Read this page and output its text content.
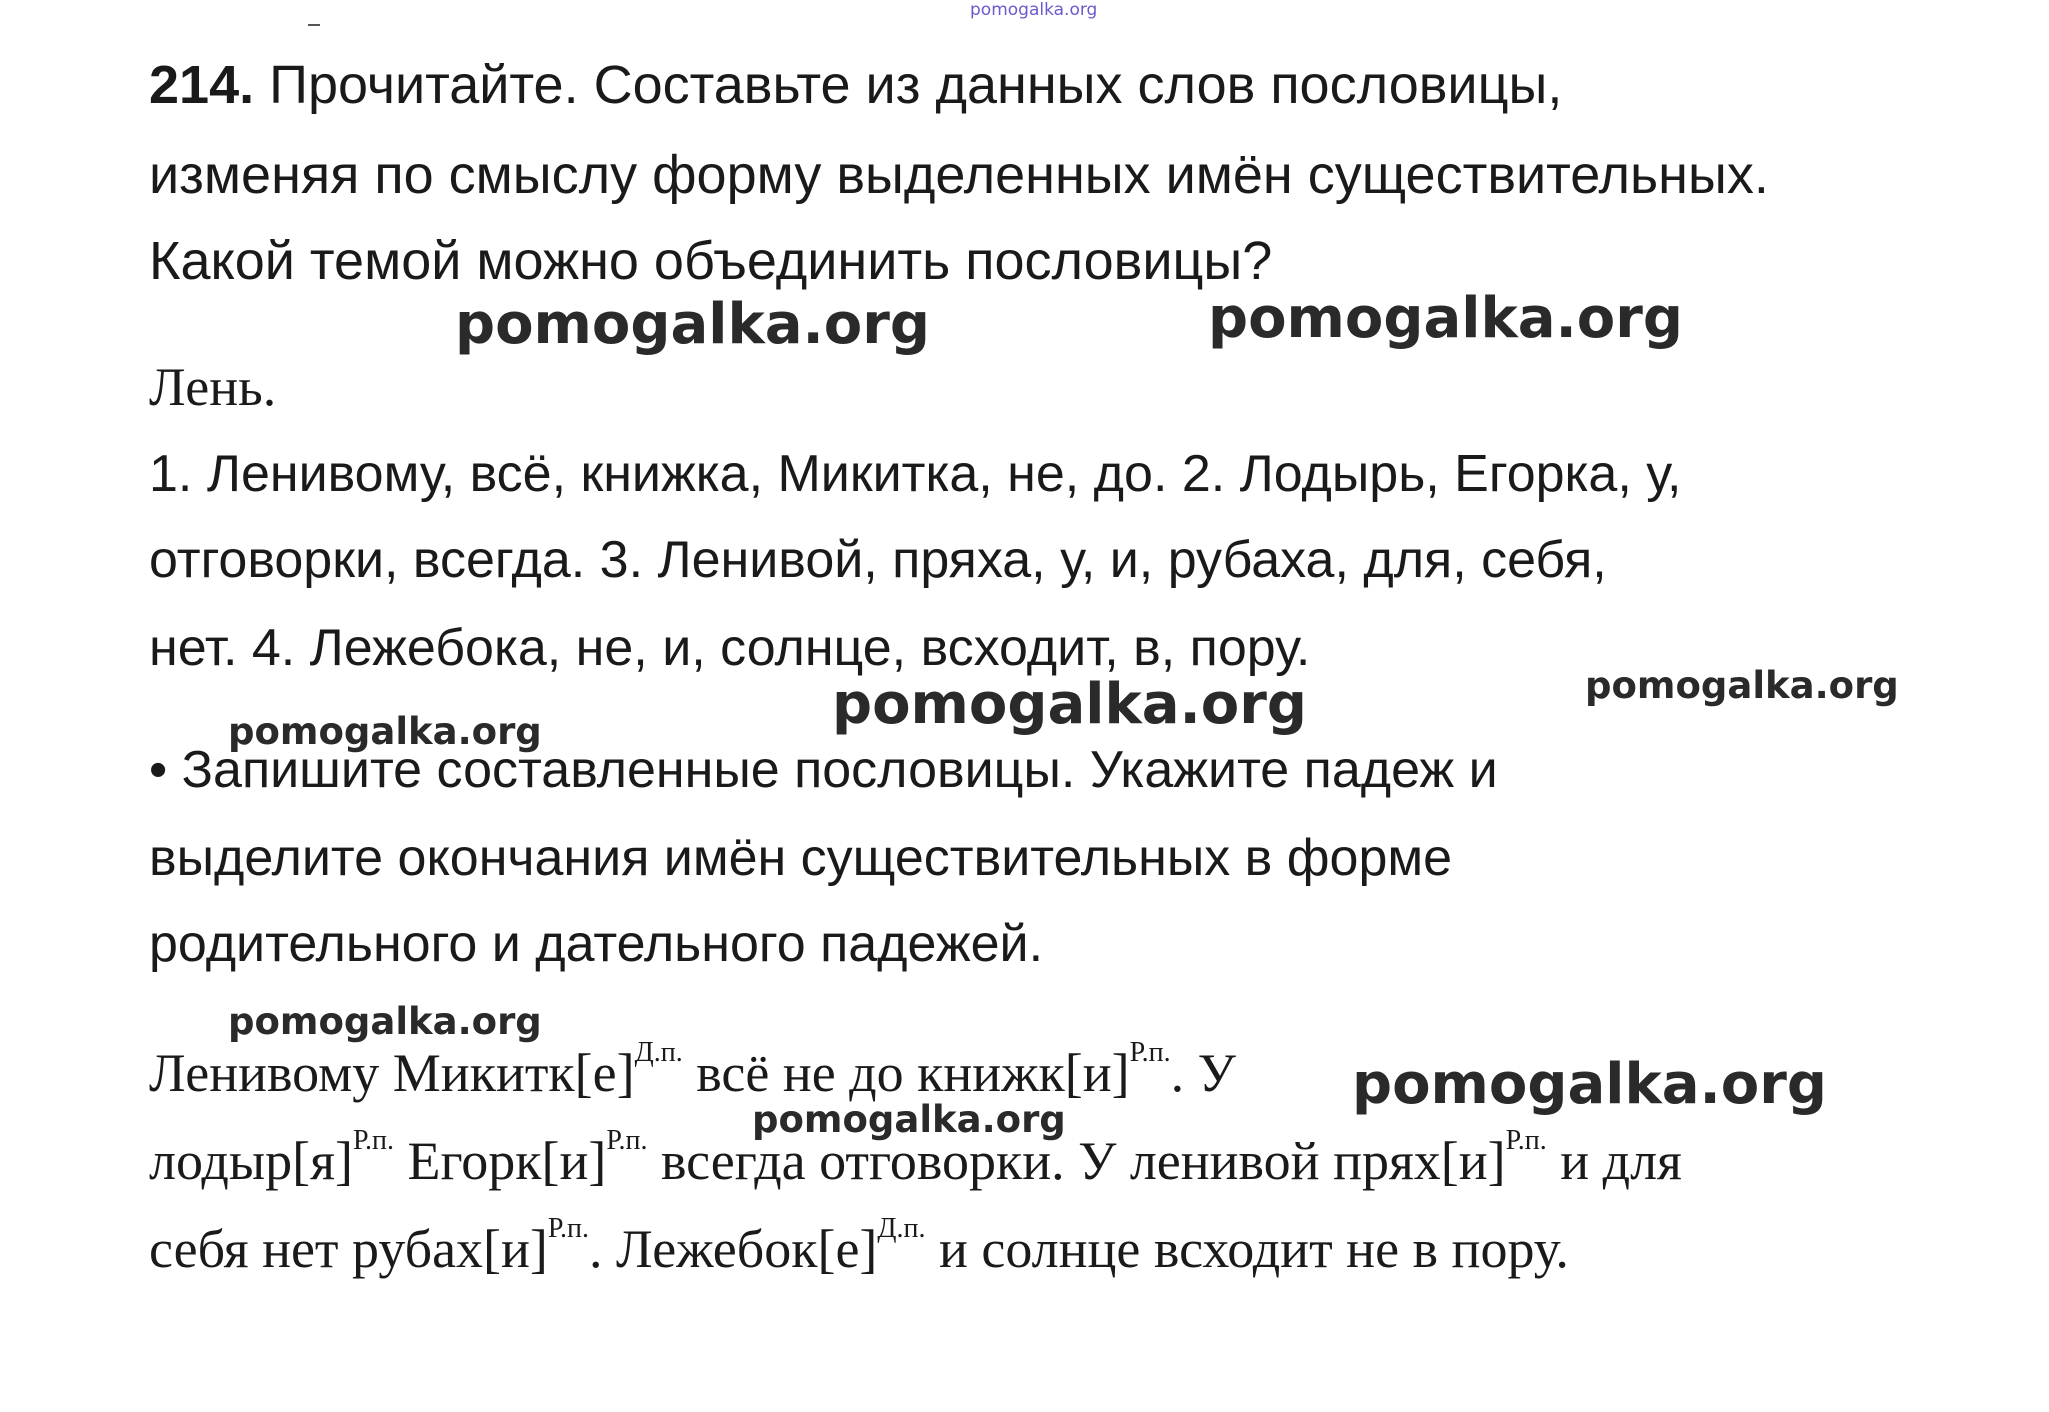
pomogalka.org
214. Прочитайте. Составьте из данных слов пословицы,
изменяя по смыслу форму выделенных имён существительных.
Какой темой можно объединить пословицы?
pomogalka.org	pomogalka.org
Лень.
1. Ленивому, всё, книжка, Микитка, не, до. 2. Лодырь, Егорка, у,
отговорки, всегда. 3. Ленивой, пряха, у, и, рубаха, для, себя,
нет. 4. Лежебока, не, и, солнце, всходит, в, пору.
pomogalka.org	pomogalka.org
pomogalka.org
• Запишите составленные пословицы. Укажите падеж и
выделите окончания имён существительных в форме
родительного и дательного падежей.
pomogalka.org
Ленивому $Микитк[е]^{Д.п.}$ всё не до $книжк[и]^{Р.п.}$. У pomogalka.org
pomogalka.org
$лодыр[я]^{Р.п.}$ $Егорк[и]^{Р.п.}$ всегда отговорки. У ленивой $прях[и]^{Р.п.}$ и для
себя нет $рубах[и]^{Р.п.}$. $Лежебок[е]^{Д.п.}$ и солнце всходит не в пору.
